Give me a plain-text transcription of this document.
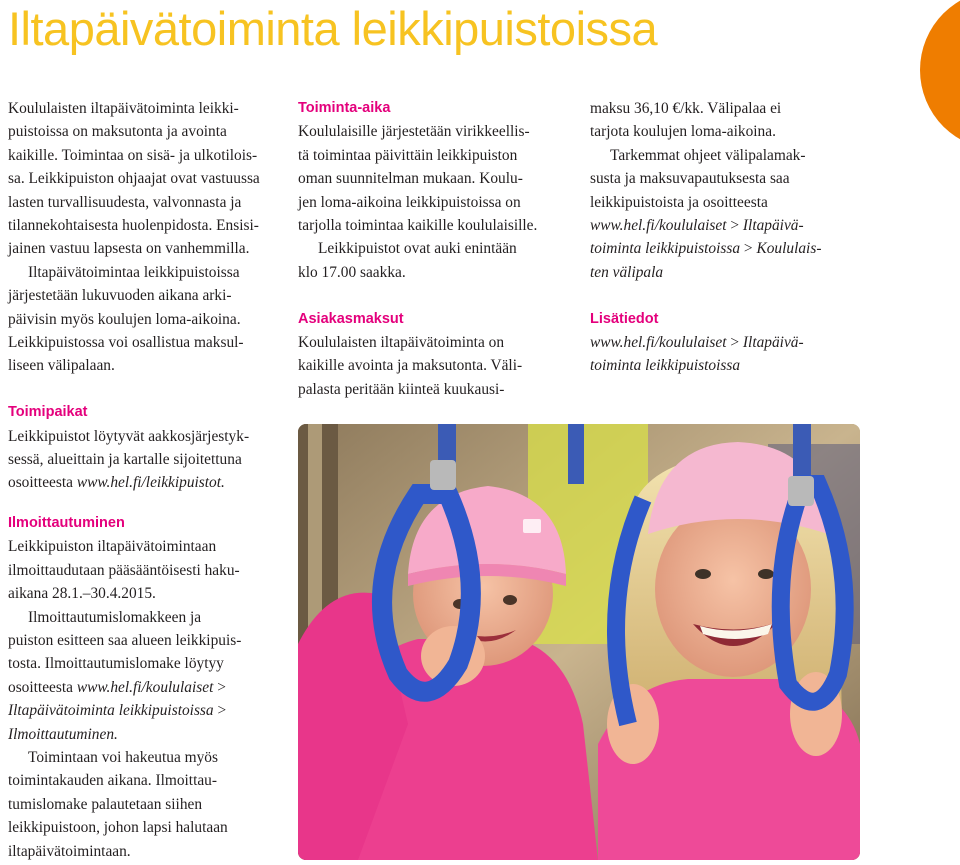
Iltapäivätoiminta leikkipuistoissa

Koululaisten iltapäivätoiminta leikki-

puistoissa on maksutonta ja avointa

kaikille. Toimintaa on sisä- ja ulkotilois-

sa. Leikkipuiston ohjaajat ovat vastuussa

lasten turvallisuudesta, valvonnasta ja

tilannekohtaisesta huolenpidosta. Ensisi-

jainen vastuu lapsesta on vanhemmilla.

Iltapäivätoimintaa leikkipuistoissa

järjestetään lukuvuoden aikana arki-

päivisin myös koulujen loma-aikoina.

Leikkipuistossa voi osallistua maksul-

liseen välipalaan.

Toimipaikat

Leikkipuistot löytyvät aakkosjärjestyk-

sessä, alueittain ja kartalle sijoitettuna

osoitteesta www.hel.fi/leikkipuistot.

Ilmoittautuminen

Leikkipuiston iltapäivätoimintaan

ilmoittaudutaan pääsääntöisesti haku-

aikana 28.1.–30.4.2015.

Ilmoittautumislomakkeen ja

puiston esitteen saa alueen leikkipuis-

tosta. Ilmoittautumislomake löytyy

osoitteesta www.hel.fi/koululaiset >

Iltapäivätoiminta leikkipuistoissa >

Ilmoittautuminen.

Toimintaan voi hakeutua myös

toimintakauden aikana. Ilmoittau-

tumislomake palautetaan siihen

leikkipuistoon, johon lapsi halutaan

iltapäivätoimintaan.

Toiminta-aika

Koululaisille järjestetään virikkeellis-

tä toimintaa päivittäin leikkipuiston

oman suunnitelman mukaan. Koulu-

jen loma-aikoina leikkipuistoissa on

tarjolla toimintaa kaikille koululaisille.

Leikkipuistot ovat auki enintään

klo 17.00 saakka.

Asiakasmaksut

Koululaisten iltapäivätoiminta on

kaikille avointa ja maksutonta. Väli-

palasta peritään kiinteä kuukausi-

maksu 36,10 €/kk. Välipalaa ei

tarjota koulujen loma-aikoina.

Tarkemmat ohjeet välipalamak-

susta ja maksuvapautuksesta saa

leikkipuistoista ja osoitteesta

www.hel.fi/koululaiset > Iltapäivä-

toiminta leikkipuistoissa > Koululais-

ten välipala

Lisätiedot

www.hel.fi/koululaiset > Iltapäivä-

toiminta leikkipuistoissa
